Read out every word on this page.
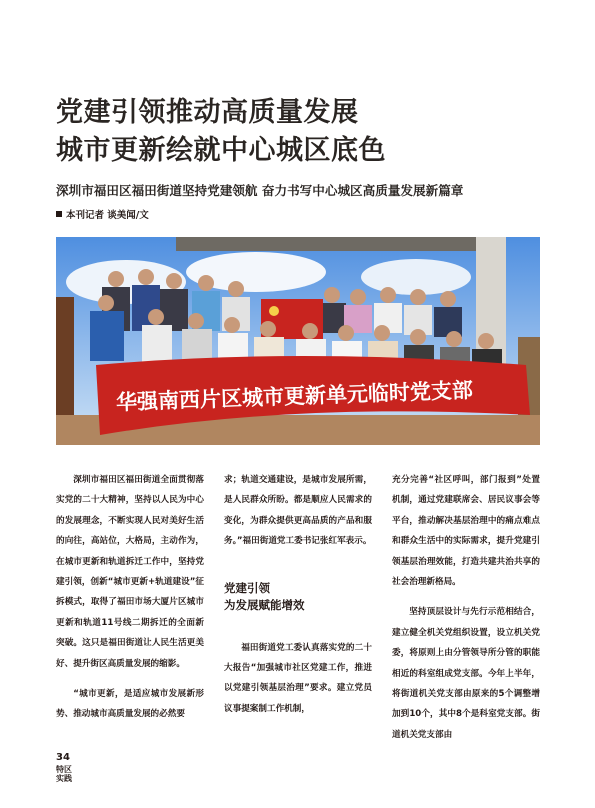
党建引领推动高质量发展
城市更新绘就中心城区底色
深圳市福田区福田街道坚持党建领航 奋力书写中心城区高质量发展新篇章
本刊记者 谈美闻/文
华强南西片区城市更新单元临时党支部

深圳市福田区福田街道全面贯彻落实党的二十大精神，坚持以人民为中心的发展理念，不断实现人民对美好生活的向往，高站位，大格局，主动作为，在城市更新和轨道拆迁工作中，坚持党建引领，创新“城市更新+轨道建设”征拆模式，取得了福田市场大厦片区城市更新和轨道11号线二期拆迁的全面新突破。这只是福田街道让人民生活更美好、提升街区高质量发展的缩影。

“城市更新，是适应城市发展新形势、推动城市高质量发展的必然要

求；轨道交通建设，是城市发展所需，是人民群众所盼。都是顺应人民需求的变化，为群众提供更高品质的产品和服务。”福田街道党工委书记张红军表示。

党建引领
为发展赋能增效

福田街道党工委认真落实党的二十大报告“加强城市社区党建工作，推进以党建引领基层治理”要求。建立党员议事提案制工作机制，

充分完善“社区呼叫，部门报到”处置机制，通过党建联席会、居民议事会等平台，推动解决基层治理中的痛点难点和群众生活中的实际需求，提升党建引领基层治理效能，打造共建共治共享的社会治理新格局。

坚持顶层设计与先行示范相结合，建立健全机关党组织设置，设立机关党委，将原则上由分管领导所分管的职能相近的科室组成党支部。今年上半年，将街道机关党支部由原来的5个调整增加到10个，其中8个是科室党支部。街道机关党支部由

34
特区
实践
